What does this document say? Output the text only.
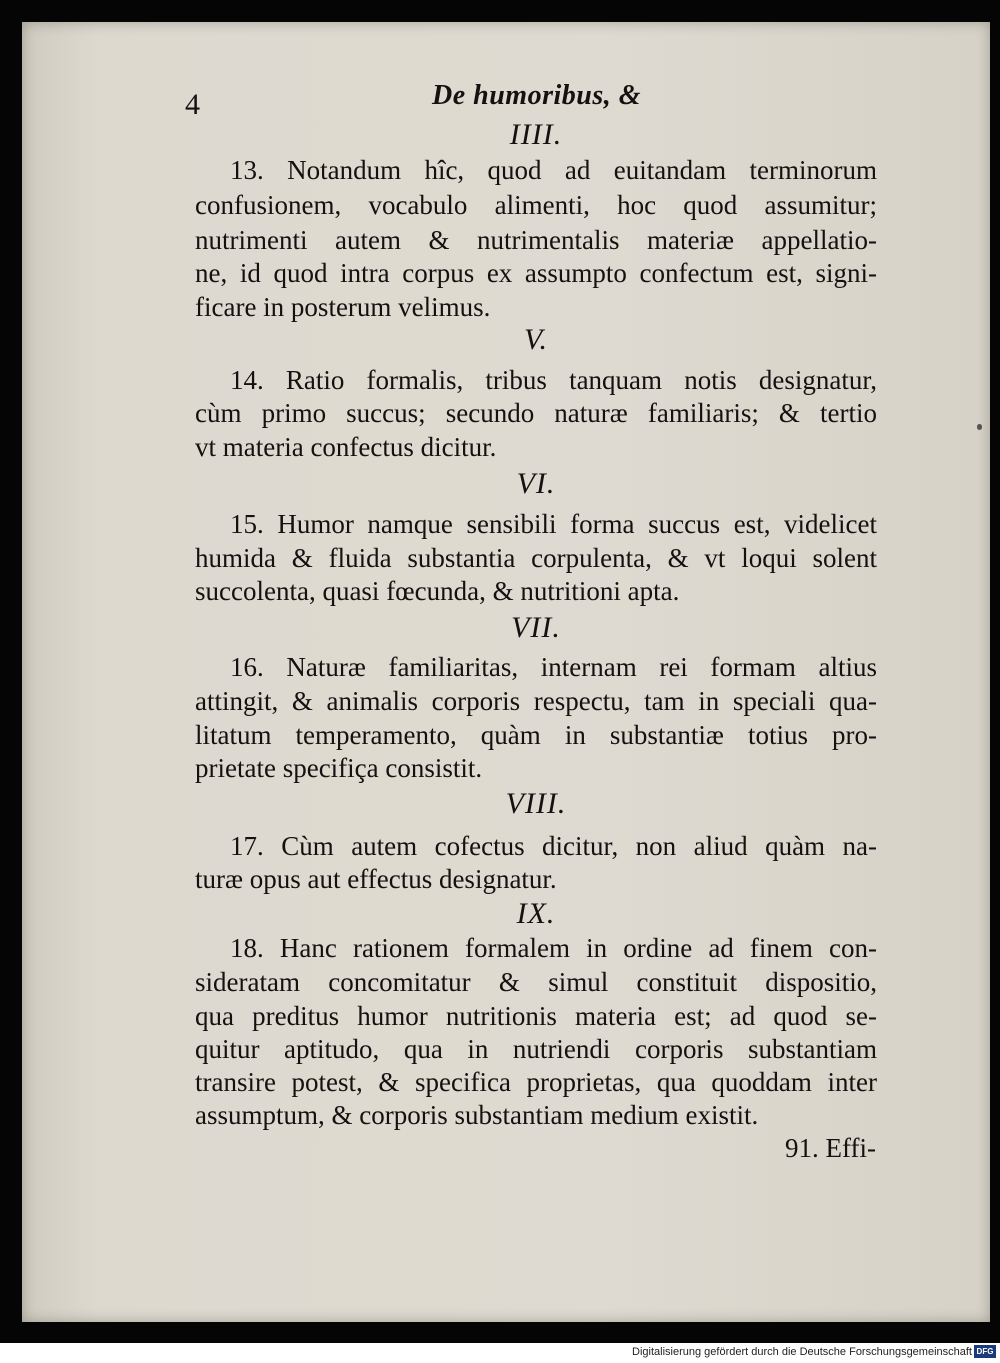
4	De humoribus, &
IIII.
13. Notandum hîc, quod ad euitandam terminorum
confusionem, vocabulo alimenti, hoc quod assumitur;
nutrimenti autem & nutrimentalis materiæ appellatio-
ne, id quod intra corpus ex assumpto confectum est, signi-
ficare in posterum velimus.
V.
14. Ratio formalis, tribus tanquam notis designatur,
cùm primo succus; secundo naturæ familiaris; & tertio
vt materia confectus dicitur.
VI.
15. Humor namque sensibili forma succus est, videlicet
humida & fluida substantia corpulenta, & vt loqui solent
succolenta, quasi fœcunda, & nutritioni apta.
VII.
16. Naturæ familiaritas, internam rei formam altius
attingit, & animalis corporis respectu, tam in speciali qua-
litatum temperamento, quàm in substantiæ totius pro-
prietate specifiça consistit.
VIII.
17. Cùm autem cofectus dicitur, non aliud quàm na-
turæ opus aut effectus designatur.
IX.
18. Hanc rationem formalem in ordine ad finem con-
sideratam concomitatur & simul constituit dispositio,
qua preditus humor nutritionis materia est; ad quod se-
quitur aptitudo, qua in nutriendi corporis substantiam
transire potest, & specifica proprietas, qua quoddam inter
assumptum, & corporis substantiam medium existit.
91. Effi-
Digitalisierung gefördert durch die Deutsche Forschungsgemeinschaft DFG
